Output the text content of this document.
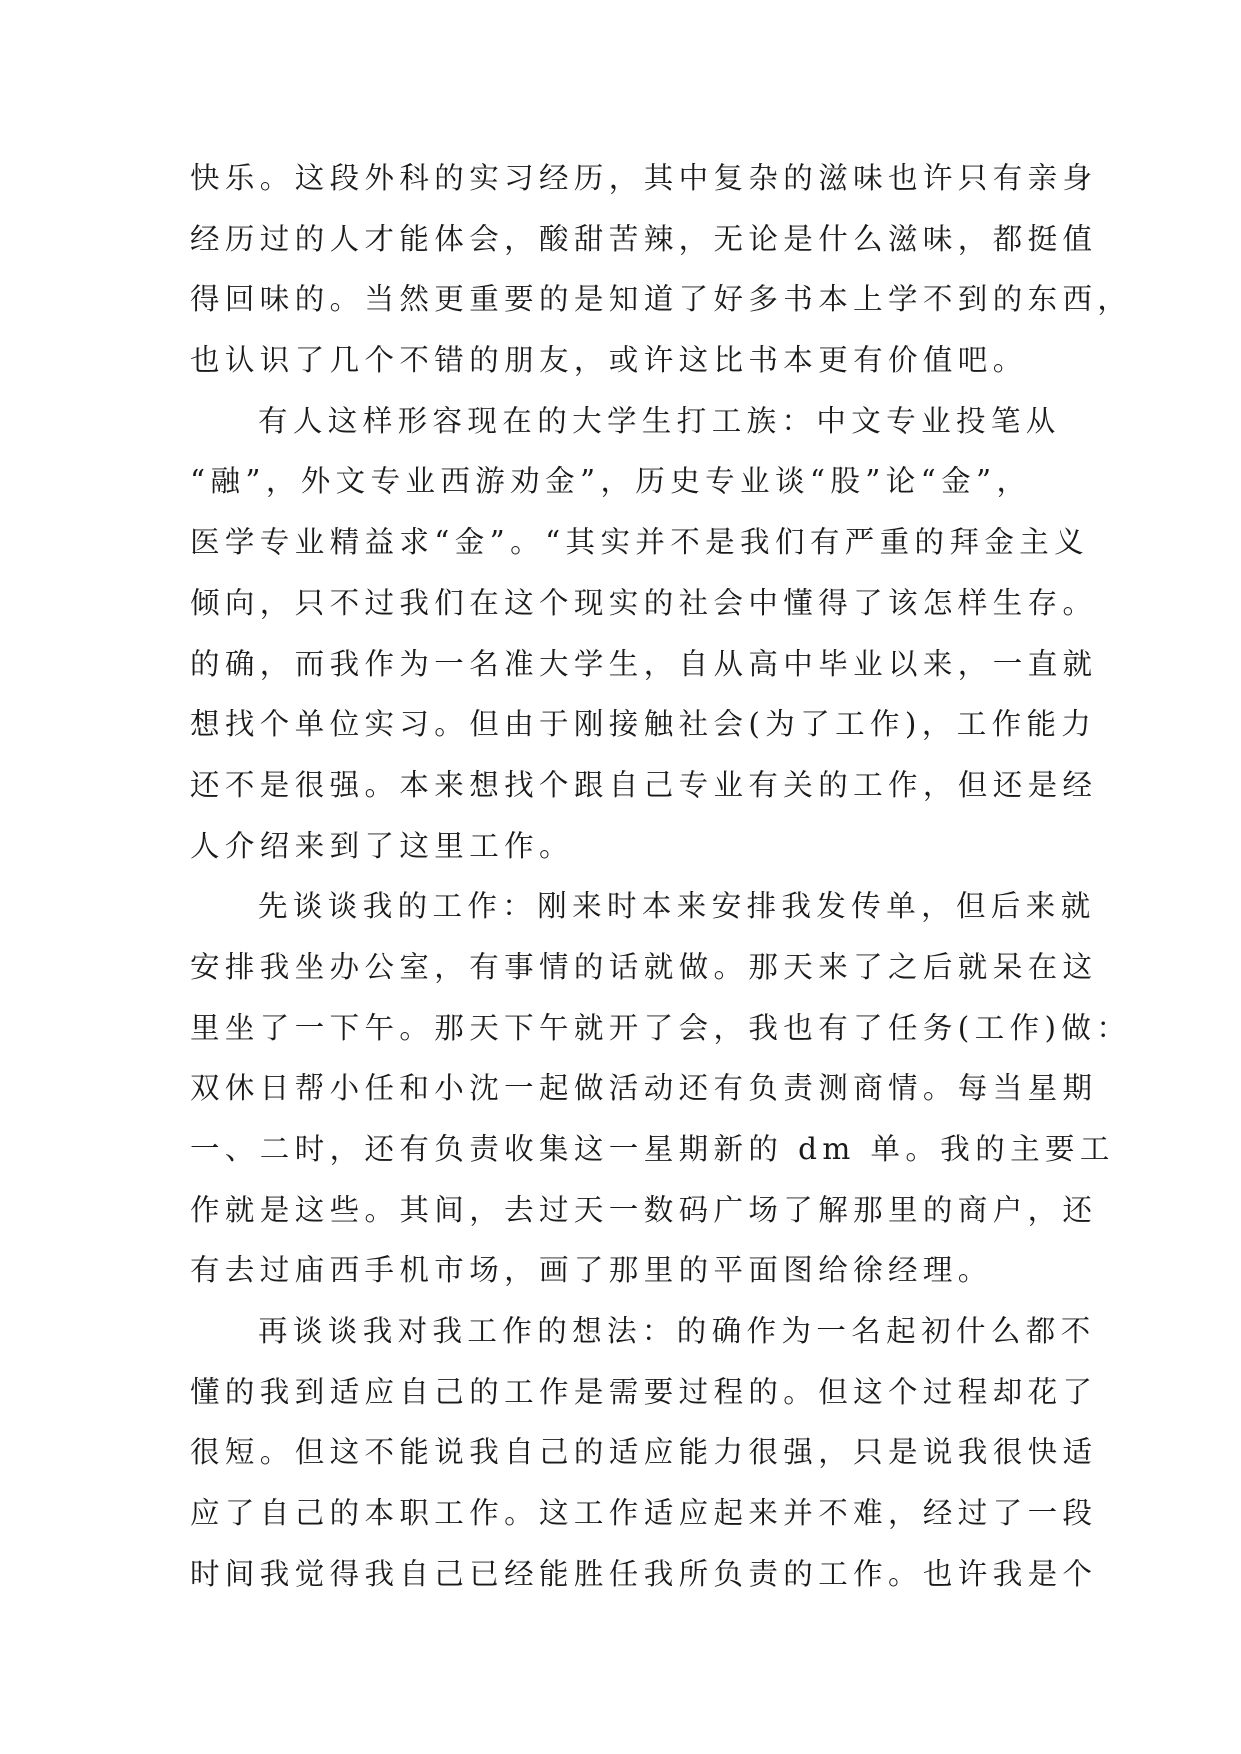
快乐。这段外科的实习经历，其中复杂的滋味也许只有亲身
经历过的人才能体会，酸甜苦辣，无论是什么滋味，都挺值
得回味的。当然更重要的是知道了好多书本上学不到的东西，
也认识了几个不错的朋友，或许这比书本更有价值吧。
有人这样形容现在的大学生打工族：中文专业投笔从
“融”，外文专业西游劝金”，历史专业谈“股”论“金”，
医学专业精益求“金”。“其实并不是我们有严重的拜金主义
倾向，只不过我们在这个现实的社会中懂得了该怎样生存。
的确，而我作为一名准大学生，自从高中毕业以来，一直就
想找个单位实习。但由于刚接触社会(为了工作)，工作能力
还不是很强。本来想找个跟自己专业有关的工作，但还是经
人介绍来到了这里工作。
先谈谈我的工作：刚来时本来安排我发传单，但后来就
安排我坐办公室，有事情的话就做。那天来了之后就呆在这
里坐了一下午。那天下午就开了会，我也有了任务(工作)做：
双休日帮小任和小沈一起做活动还有负责测商情。每当星期
一、二时，还有负责收集这一星期新的 dm 单。我的主要工
作就是这些。其间，去过天一数码广场了解那里的商户，还
有去过庙西手机市场，画了那里的平面图给徐经理。
再谈谈我对我工作的想法：的确作为一名起初什么都不
懂的我到适应自己的工作是需要过程的。但这个过程却花了
很短。但这不能说我自己的适应能力很强，只是说我很快适
应了自己的本职工作。这工作适应起来并不难，经过了一段
时间我觉得我自己已经能胜任我所负责的工作。也许我是个
